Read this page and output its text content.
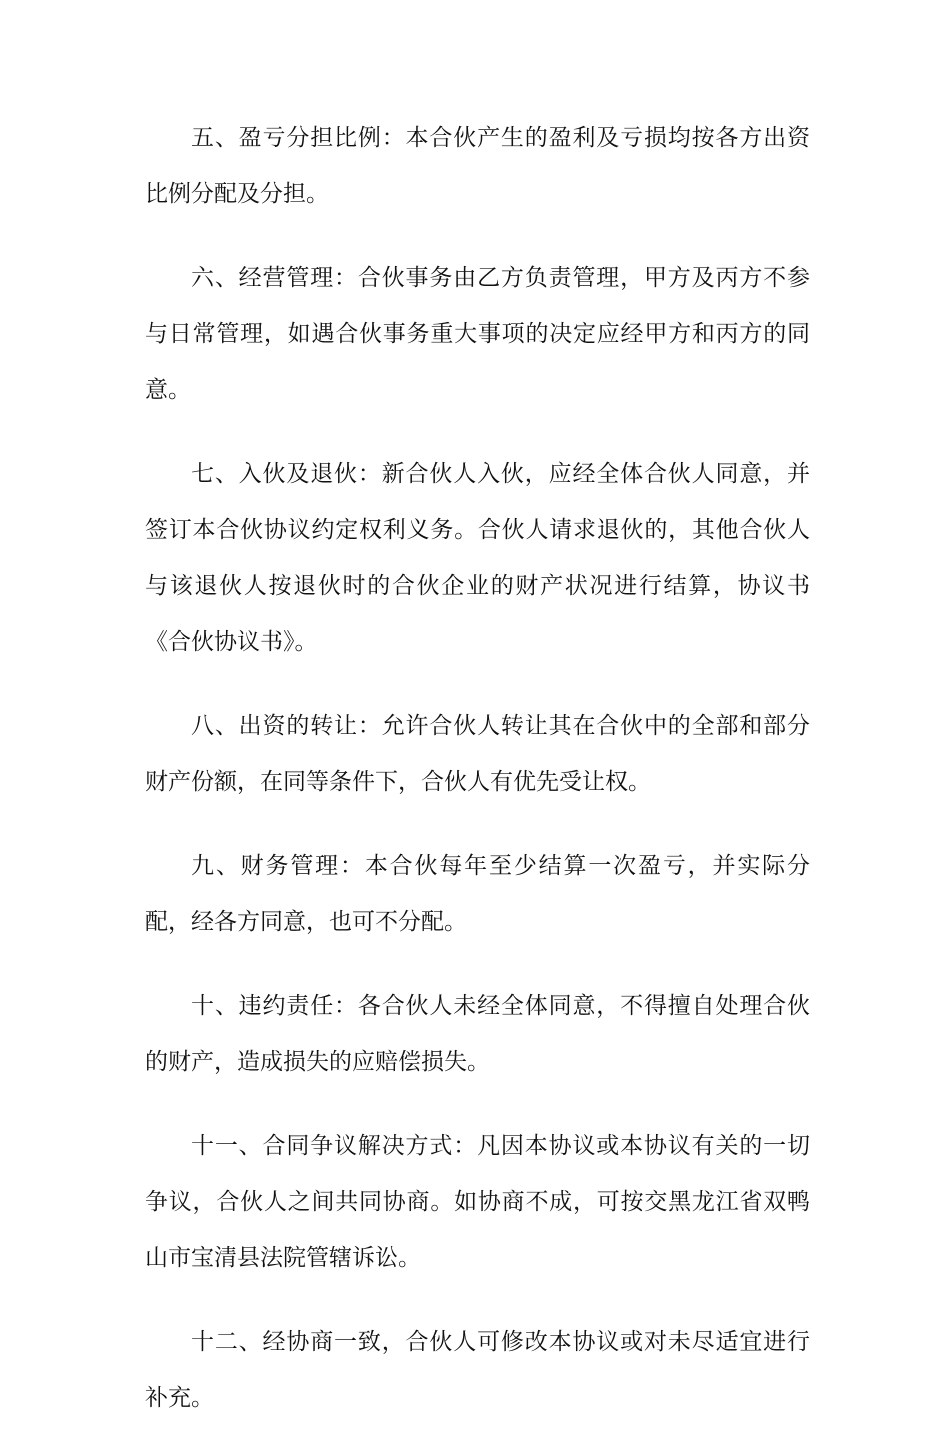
五、盈亏分担比例：本合伙产生的盈利及亏损均按各方出资比例分配及分担。

六、经营管理：合伙事务由乙方负责管理，甲方及丙方不参与日常管理，如遇合伙事务重大事项的决定应经甲方和丙方的同意。

七、入伙及退伙：新合伙人入伙，应经全体合伙人同意，并签订本合伙协议约定权利义务。合伙人请求退伙的，其他合伙人与该退伙人按退伙时的合伙企业的财产状况进行结算，协议书《合伙协议书》。

八、出资的转让：允许合伙人转让其在合伙中的全部和部分财产份额，在同等条件下，合伙人有优先受让权。

九、财务管理：本合伙每年至少结算一次盈亏，并实际分配，经各方同意，也可不分配。

十、违约责任：各合伙人未经全体同意，不得擅自处理合伙的财产，造成损失的应赔偿损失。

十一、合同争议解决方式：凡因本协议或本协议有关的一切争议，合伙人之间共同协商。如协商不成，可按交黑龙江省双鸭山市宝清县法院管辖诉讼。

十二、经协商一致，合伙人可修改本协议或对未尽适宜进行补充。
